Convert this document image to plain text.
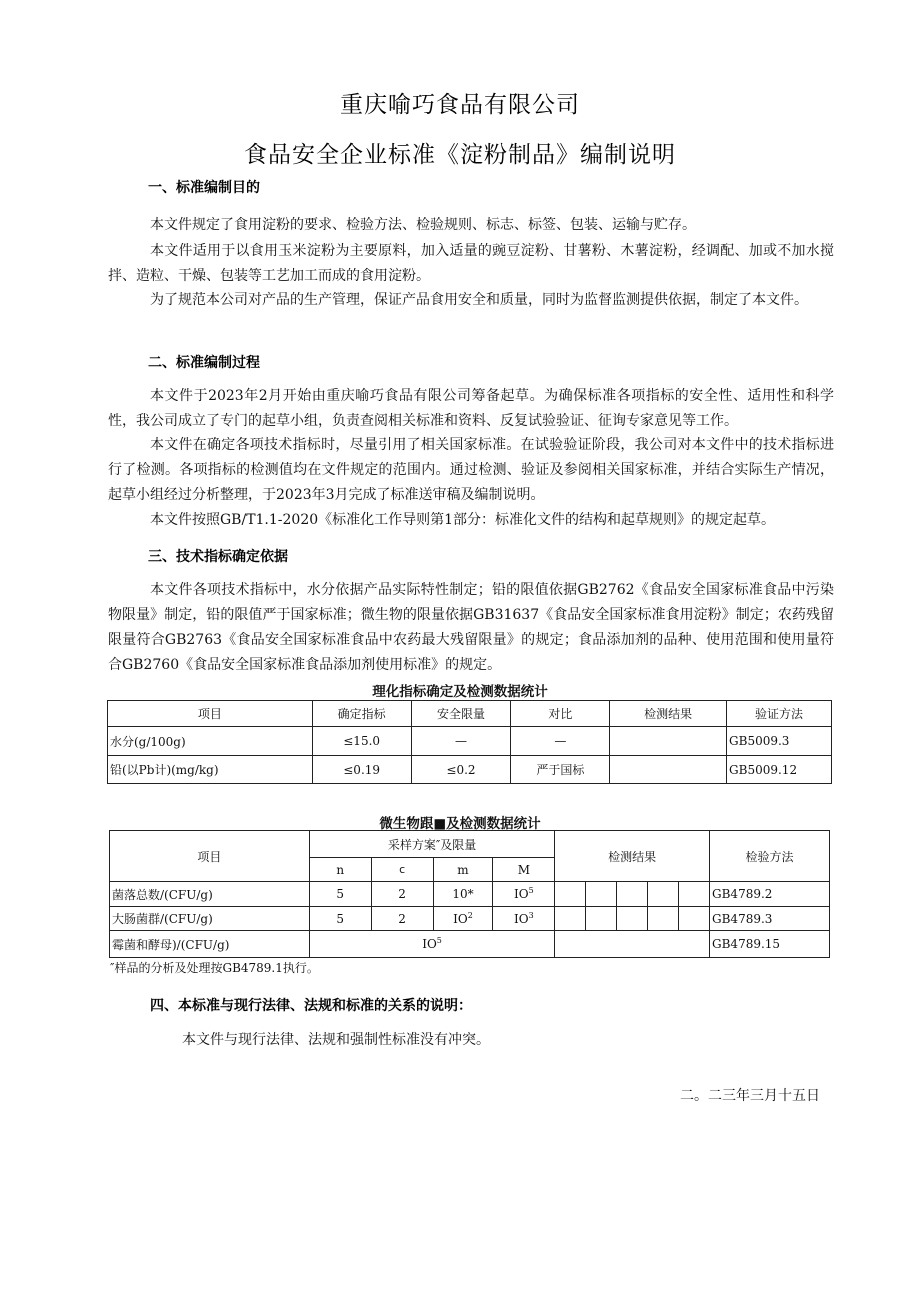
重庆喻巧食品有限公司
食品安全企业标准《淀粉制品》编制说明
一、标准编制目的

本文件规定了食用淀粉的要求、检验方法、检验规则、标志、标签、包装、运输与贮存。

本文件适用于以食用玉米淀粉为主要原料，加入适量的豌豆淀粉、甘薯粉、木薯淀粉，经调配、加或不加水搅拌、造粒、干燥、包装等工艺加工而成的食用淀粉。

为了规范本公司对产品的生产管理，保证产品食用安全和质量，同时为监督监测提供依据，制定了本文件。

二、标准编制过程

本文件于2023年2月开始由重庆喻巧食品有限公司筹备起草。为确保标准各项指标的安全性、适用性和科学性，我公司成立了专门的起草小组，负责查阅相关标准和资料、反复试验验证、征询专家意见等工作。

本文件在确定各项技术指标时，尽量引用了相关国家标准。在试验验证阶段，我公司对本文件中的技术指标进行了检测。各项指标的检测值均在文件规定的范围内。通过检测、验证及参阅相关国家标准，并结合实际生产情况，起草小组经过分析整理，于2023年3月完成了标准送审稿及编制说明。

本文件按照GB/T1.1-2020《标准化工作导则第1部分：标准化文件的结构和起草规则》的规定起草。

三、技术指标确定依据

本文件各项技术指标中，水分依据产品实际特性制定；铅的限值依据GB2762《食品安全国家标准食品中污染物限量》制定，铅的限值严于国家标准；微生物的限量依据GB31637《食品安全国家标准食用淀粉》制定；农药残留限量符合GB2763《食品安全国家标准食品中农药最大残留限量》的规定；食品添加剂的品种、使用范围和使用量符合GB2760《食品安全国家标准食品添加剂使用标准》的规定。

理化指标确定及检测数据统计
项目	确定指标	安全限量	对比	检测结果	验证方法
水分(g/100g)	≤15.0	—	—		GB5009.3
铅(以Pb计)(mg/kg)	≤0.19	≤0.2	严于国标		GB5009.12
微生物跟■及检测数据统计
项目	采样方案″及限量				检测结果					检验方法
	n	c	m	M						
菌落总数/(CFU/g)	5	2	10*	$IO^5$						GB4789.2
大肠菌群/(CFU/g)	5	2	$IO^2$	$IO^3$						GB4789.3
霉菌和酵母)/(CFU/g)	$IO^5$									GB4789.15
″样品的分析及处理按GB4789.1执行。
四、本标准与现行法律、法规和标准的关系的说明：
本文件与现行法律、法规和强制性标准没有冲突。
二。二三年三月十五日
